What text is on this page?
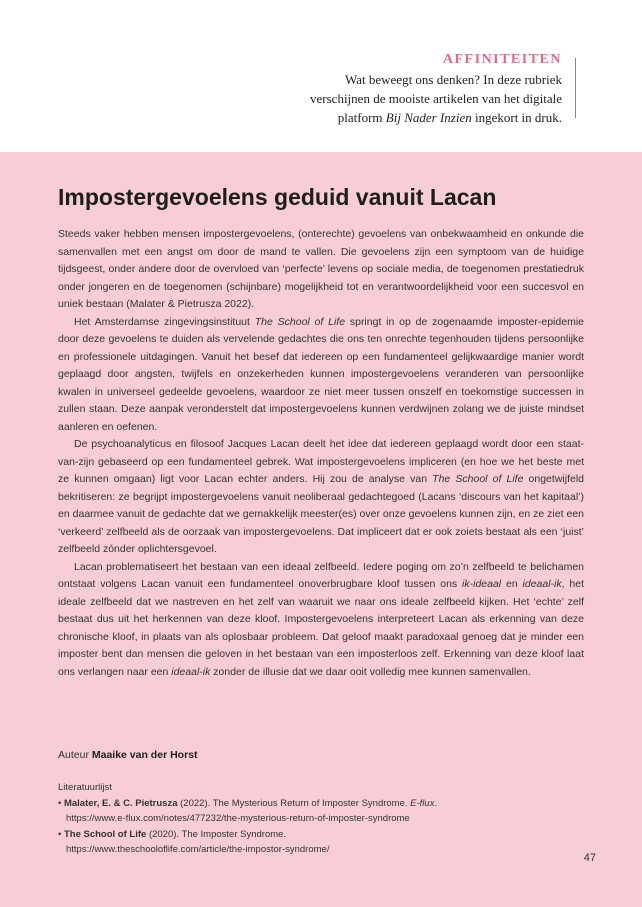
AFFINITEITEN
Wat beweegt ons denken? In deze rubriek verschijnen de mooiste artikelen van het digitale platform Bij Nader Inzien ingekort in druk.
Impostergevoelens geduid vanuit Lacan

Steeds vaker hebben mensen impostergevoelens, (onterechte) gevoelens van onbekwaamheid en onkunde die samenvallen met een angst om door de mand te vallen. Die gevoelens zijn een symptoom van de huidige tijdsgeest, onder andere door de overvloed van ‘perfecte’ levens op sociale media, de toegenomen prestatiedruk onder jongeren en de toegenomen (schijnbare) mogelijkheid tot en verantwoordelijkheid voor een succesvol en uniek bestaan (Malater & Pietrusza 2022).

Het Amsterdamse zingevingsinstituut The School of Life springt in op de zogenaamde imposter-epidemie door deze gevoelens te duiden als vervelende gedachtes die ons ten onrechte tegenhouden tijdens persoonlijke en professionele uitdagingen. Vanuit het besef dat iedereen op een fundamenteel gelijkwaardige manier wordt geplaagd door angsten, twijfels en onzekerheden kunnen impostergevoelens veranderen van persoonlijke kwalen in universeel gedeelde gevoelens, waardoor ze niet meer tussen onszelf en toekomstige successen in zullen staan. Deze aanpak veronderstelt dat impostergevoelens kunnen verdwijnen zolang we de juiste mindset aanleren en oefenen.

De psychoanalyticus en filosoof Jacques Lacan deelt het idee dat iedereen geplaagd wordt door een staat-van-zijn gebaseerd op een fundamenteel gebrek. Wat impostergevoelens impliceren (en hoe we het beste met ze kunnen omgaan) ligt voor Lacan echter anders. Hij zou de analyse van The School of Life ongetwijfeld bekritiseren: ze begrijpt impostergevoelens vanuit neoliberaal gedachtegoed (Lacans ‘discours van het kapitaal’) en daarmee vanuit de gedachte dat we gemakkelijk meester(es) over onze gevoelens kunnen zijn, en ze ziet een ‘verkeerd’ zelfbeeld als de oorzaak van impostergevoelens. Dat impliceert dat er ook zoiets bestaat als een ‘juist’ zelfbeeld zónder oplichtersgevoel.

Lacan problematiseert het bestaan van een ideaal zelfbeeld. Iedere poging om zo’n zelfbeeld te belichamen ontstaat volgens Lacan vanuit een fundamenteel onoverbrugbare kloof tussen ons ik-ideaal en ideaal-ik, het ideale zelfbeeld dat we nastreven en het zelf van waaruit we naar ons ideale zelfbeeld kijken. Het ‘echte’ zelf bestaat dus uit het herkennen van deze kloof. Impostergevoelens interpreteert Lacan als erkenning van deze chronische kloof, in plaats van als oplosbaar probleem. Dat geloof maakt paradoxaal genoeg dat je minder een imposter bent dan mensen die geloven in het bestaan van een imposterloos zelf. Erkenning van deze kloof laat ons verlangen naar een ideaal-ik zonder de illusie dat we daar ooit volledig mee kunnen samenvallen.

Auteur Maaike van der Horst
Literatuurlijst
• Malater, E. & C. Pietrusza (2022). The Mysterious Return of Imposter Syndrome. E-flux.
https://www.e-flux.com/notes/477232/the-mysterious-return-of-imposter-syndrome
• The School of Life (2020). The Imposter Syndrome.
https://www.theschooloflife.com/article/the-impostor-syndrome/
47
